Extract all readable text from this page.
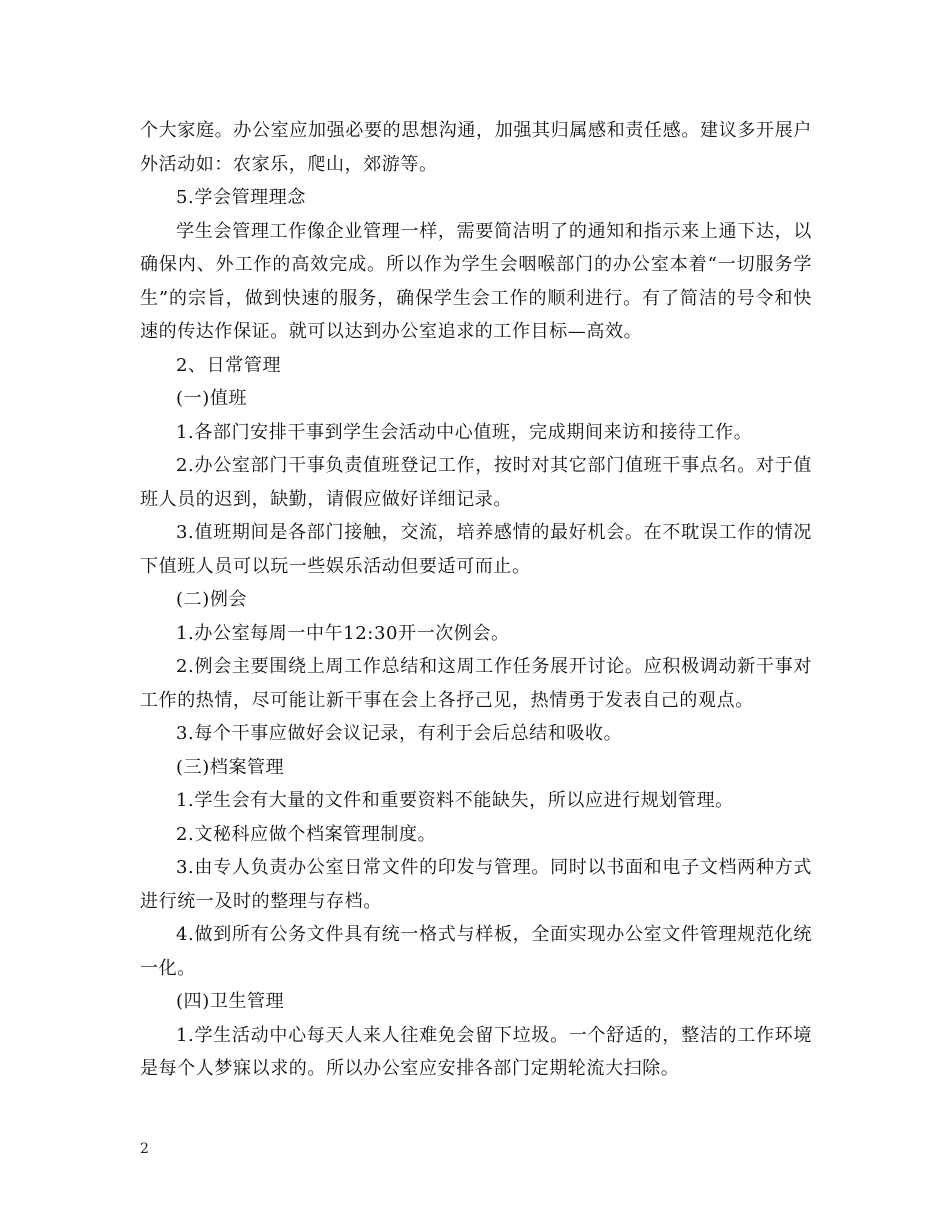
个大家庭。办公室应加强必要的思想沟通，加强其归属感和责任感。建议多开展户外活动如：农家乐，爬山，郊游等。

5.学会管理理念

学生会管理工作像企业管理一样，需要简洁明了的通知和指示来上通下达，以确保内、外工作的高效完成。所以作为学生会咽喉部门的办公室本着“一切服务学生”的宗旨，做到快速的服务，确保学生会工作的顺利进行。有了简洁的号令和快速的传达作保证。就可以达到办公室追求的工作目标—高效。

2、日常管理

(一)值班

1.各部门安排干事到学生会活动中心值班，完成期间来访和接待工作。

2.办公室部门干事负责值班登记工作，按时对其它部门值班干事点名。对于值班人员的迟到，缺勤，请假应做好详细记录。

3.值班期间是各部门接触，交流，培养感情的最好机会。在不耽误工作的情况下值班人员可以玩一些娱乐活动但要适可而止。

(二)例会

1.办公室每周一中午12:30开一次例会。

2.例会主要围绕上周工作总结和这周工作任务展开讨论。应积极调动新干事对工作的热情，尽可能让新干事在会上各抒己见，热情勇于发表自己的观点。

3.每个干事应做好会议记录，有利于会后总结和吸收。

(三)档案管理

1.学生会有大量的文件和重要资料不能缺失，所以应进行规划管理。

2.文秘科应做个档案管理制度。

3.由专人负责办公室日常文件的印发与管理。同时以书面和电子文档两种方式进行统一及时的整理与存档。

4.做到所有公务文件具有统一格式与样板，全面实现办公室文件管理规范化统一化。

(四)卫生管理

1.学生活动中心每天人来人往难免会留下垃圾。一个舒适的，整洁的工作环境是每个人梦寐以求的。所以办公室应安排各部门定期轮流大扫除。

2
